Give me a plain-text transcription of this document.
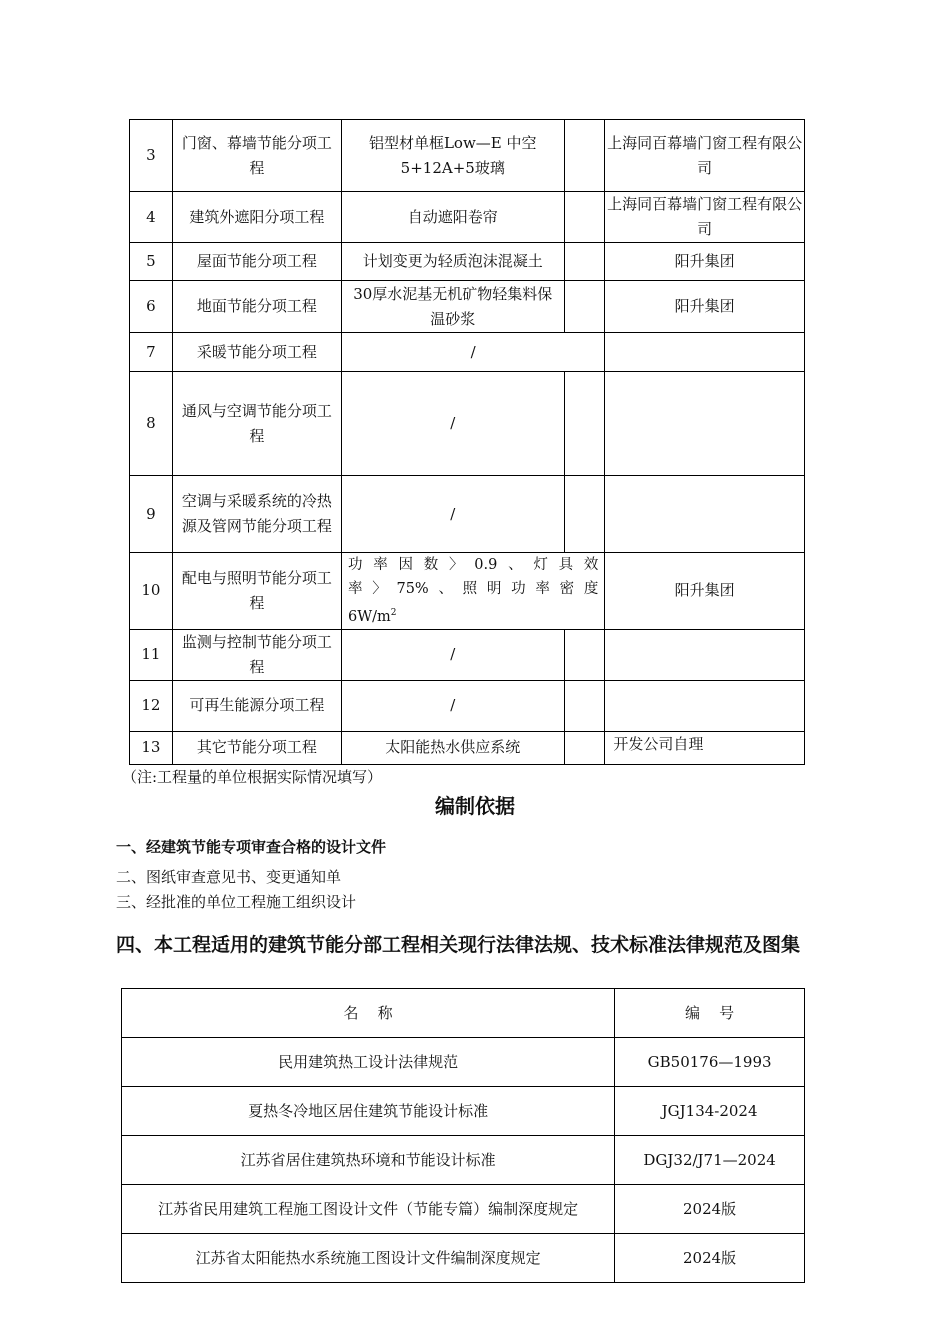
3	门窗、幕墙节能分项工程	铝型材单框Low—E 中空5+12A+5玻璃		上海同百幕墙门窗工程有限公司
4	建筑外遮阳分项工程	自动遮阳卷帘		上海同百幕墙门窗工程有限公司
5	屋面节能分项工程	计划变更为轻质泡沫混凝土		阳升集团
6	地面节能分项工程	30厚水泥基无机矿物轻集料保温砂浆		阳升集团
7	采暖节能分项工程	/		
8	通风与空调节能分项工程	/		
9	空调与采暖系统的冷热源及管网节能分项工程	/		
10	配电与照明节能分项工程	功率因数〉0.9、灯具效
率〉75%、照明功率密度
$6W/m^2$		阳升集团
11	监测与控制节能分项工程	/		
12	可再生能源分项工程	/		
13	其它节能分项工程	太阳能热水供应系统		开发公司自理
（注:工程量的单位根据实际情况填写）
编制依据
一、经建筑节能专项审查合格的设计文件
二、图纸审查意见书、变更通知单
三、经批准的单位工程施工组织设计
四、本工程适用的建筑节能分部工程相关现行法律法规、技术标准法律规范及图集
名    称	编    号
民用建筑热工设计法律规范	GB50176—1993
夏热冬冷地区居住建筑节能设计标准	JGJ134-2024
江苏省居住建筑热环境和节能设计标准	DGJ32/J71—2024
江苏省民用建筑工程施工图设计文件（节能专篇）编制深度规定	2024版
江苏省太阳能热水系统施工图设计文件编制深度规定	2024版
